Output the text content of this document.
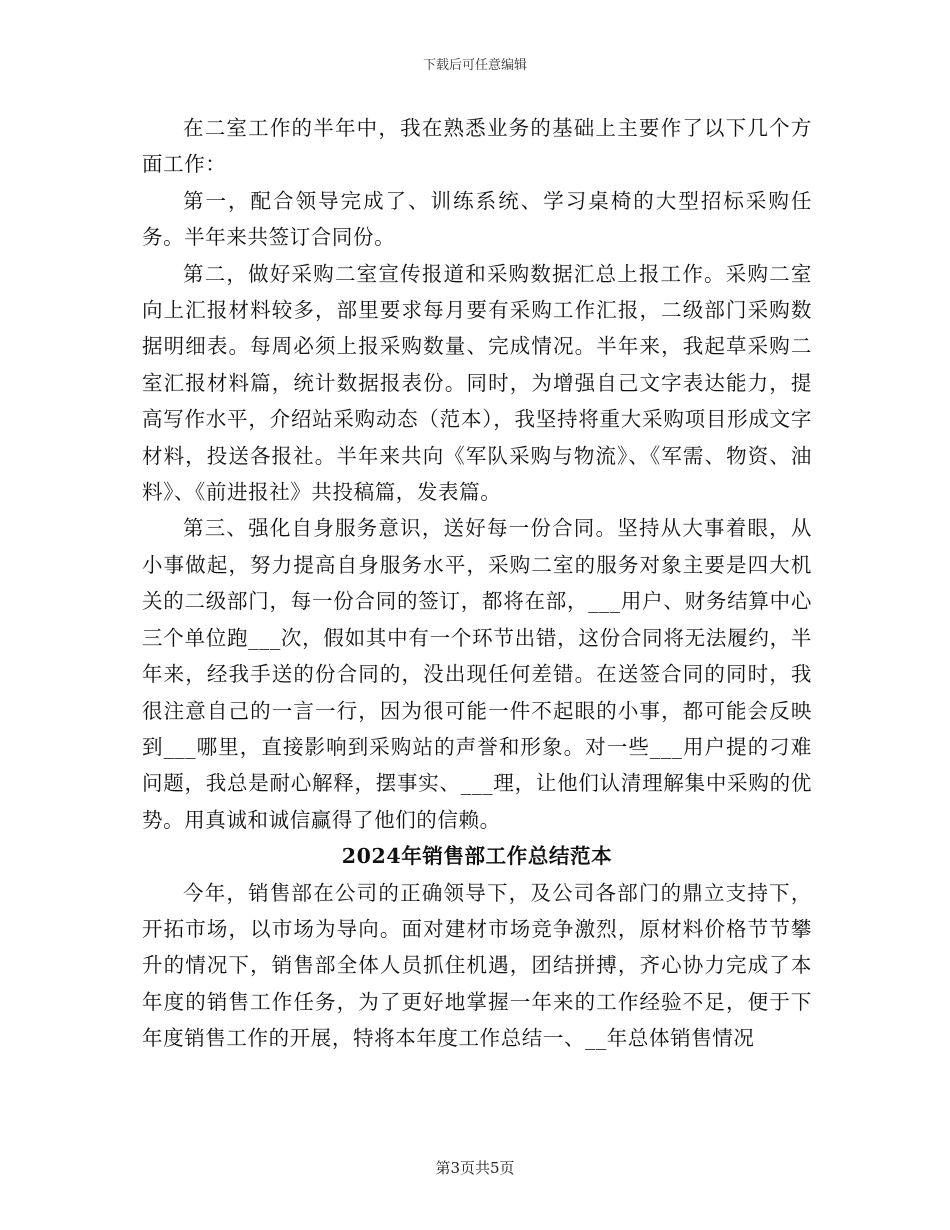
下载后可任意编辑

在二室工作的半年中，我在熟悉业务的基础上主要作了以下几个方面工作：

第一，配合领导完成了、训练系统、学习桌椅的大型招标采购任务。半年来共签订合同份。

第二，做好采购二室宣传报道和采购数据汇总上报工作。采购二室向上汇报材料较多，部里要求每月要有采购工作汇报，二级部门采购数据明细表。每周必须上报采购数量、完成情况。半年来，我起草采购二室汇报材料篇，统计数据报表份。同时，为增强自己文字表达能力，提高写作水平，介绍站采购动态（范本），我坚持将重大采购项目形成文字材料，投送各报社。半年来共向《军队采购与物流》、《军需、物资、油料》、《前进报社》共投稿篇，发表篇。

第三、强化自身服务意识，送好每一份合同。坚持从大事着眼，从小事做起，努力提高自身服务水平，采购二室的服务对象主要是四大机关的二级部门，每一份合同的签订，都将在部，___用户、财务结算中心三个单位跑___次，假如其中有一个环节出错，这份合同将无法履约，半年来，经我手送的份合同的，没出现任何差错。在送签合同的同时，我很注意自己的一言一行，因为很可能一件不起眼的小事，都可能会反映到___哪里，直接影响到采购站的声誉和形象。对一些___用户提的刁难问题，我总是耐心解释，摆事实、___理，让他们认清理解集中采购的优势。用真诚和诚信赢得了他们的信赖。

2024年销售部工作总结范本

今年，销售部在公司的正确领导下，及公司各部门的鼎立支持下，开拓市场，以市场为导向。面对建材市场竞争激烈，原材料价格节节攀升的情况下，销售部全体人员抓住机遇，团结拼搏，齐心协力完成了本年度的销售工作任务，为了更好地掌握一年来的工作经验不足，便于下年度销售工作的开展，特将本年度工作总结一、__年总体销售情况

第3页共5页
